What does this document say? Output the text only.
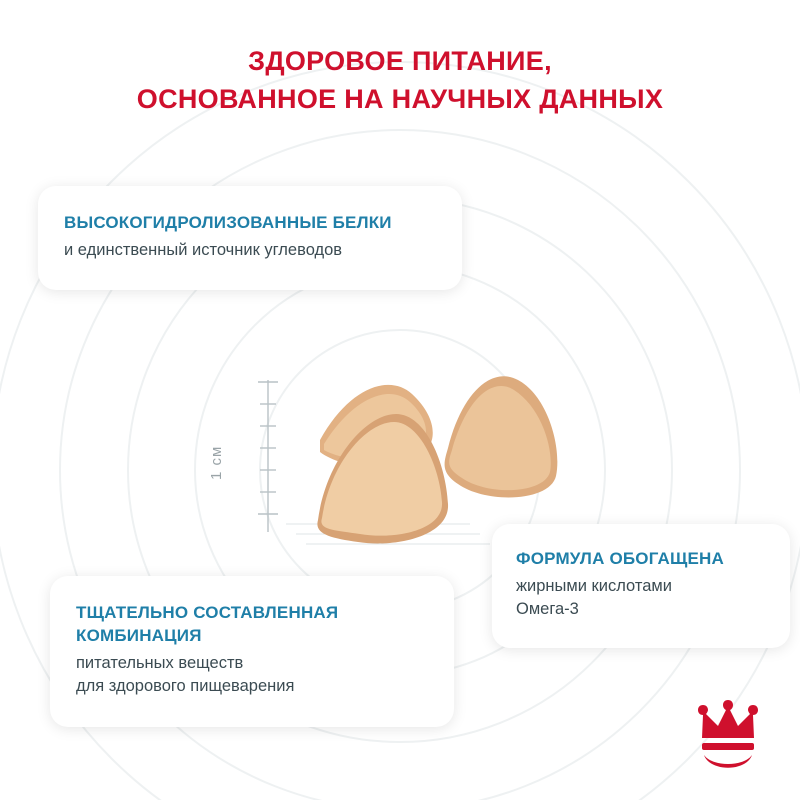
ЗДОРОВОЕ ПИТАНИЕ,
ОСНОВАННОЕ НА НАУЧНЫХ ДАННЫХ
1 см
ВЫСОКОГИДРОЛИЗОВАННЫЕ БЕЛКИ
и единственный источник углеводов
ТЩАТЕЛЬНО СОСТАВЛЕННАЯ
КОМБИНАЦИЯ
питательных веществ
для здорового пищеварения
ФОРМУЛА ОБОГАЩЕНА
жирными кислотами
Омега-3
